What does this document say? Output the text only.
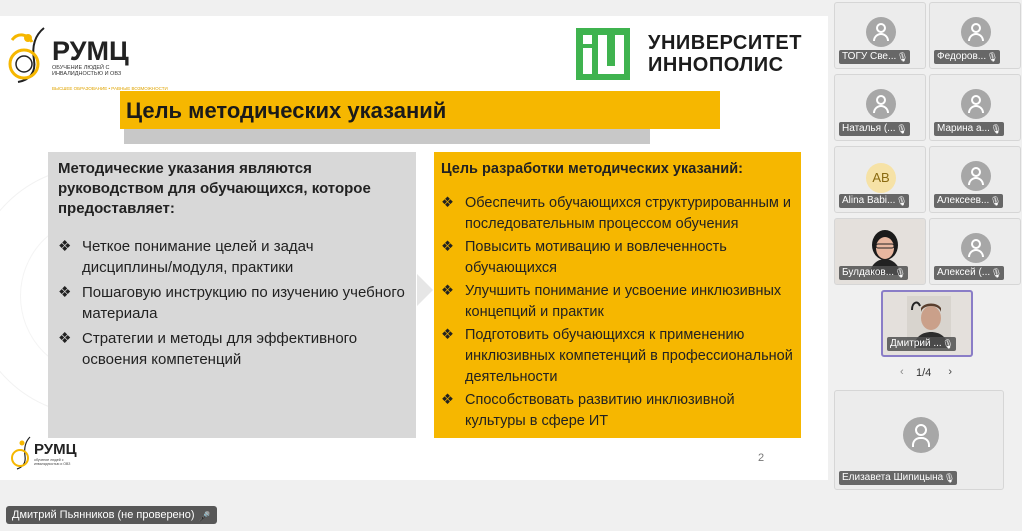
РУМЦ
ОБУЧЕНИЕ ЛЮДЕЙ С ИНВАЛИДНОСТЬЮ И ОВЗ
ВЫСШЕЕ ОБРАЗОВАНИЕ • РАВНЫЕ ВОЗМОЖНОСТИ
УНИВЕРСИТЕТ
ИННОПОЛИС
Цель методических указаний
Методические указания являются руководством для обучающихся, которое предоставляет:
❖ Четкое понимание целей и задач дисциплины/модуля, практики
❖ Пошаговую инструкцию по изучению учебного материала
❖ Стратегии и методы для эффективного освоения компетенций
Цель разработки методических указаний:
❖ Обеспечить обучающихся структурированным и последовательным процессом обучения
❖ Повысить мотивацию и вовлеченность обучающихся
❖ Улучшить понимание и усвоение инклюзивных концепций и практик
❖ Подготовить обучающихся к применению инклюзивных компетенций в профессиональной деятельности
❖ Способствовать развитию инклюзивной культуры в сфере ИТ
РУМЦ
обучение людей с инвалидностью и ОВЗ	2
Дмитрий Пьянников (не проверено) 🎤
ТОГУ Све... 🎙	Федоров... 🎙
Наталья (... 🎙	Марина а... 🎙
AB
Alina Babi... 🎙	Алексеев... 🎙
Булдаков... 🎙	Алексей (... 🎙
Дмитрий ... 🎙
‹ 1/4 ›
Елизавета Шипицына 🎙
